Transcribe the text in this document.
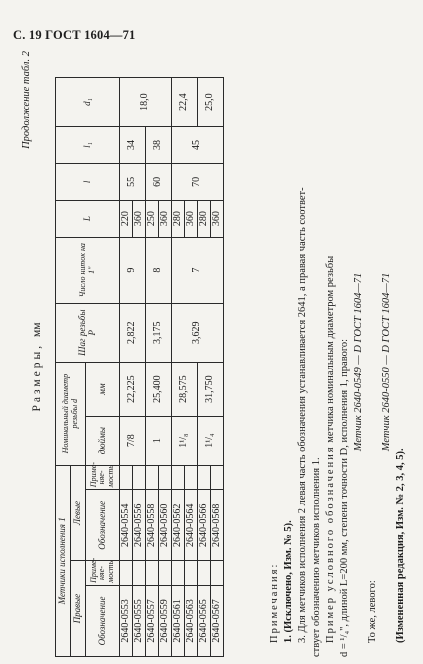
С. 19 ГОСТ 1604—71
Продолжение табл. 2
Размеры, мм
Метчики исполнения 1				Номинальный диаметр резьбы d		Шаг резьбы P	Число ниток на 1"	L	l	l₁	d₁
Правые		Левые									
Обозначение	Приме-няе-мость	Обозначение	Приме-няе-мость	дюймы	мм						
2640-0553		2640-0554		7/8	22,225	2,822	9	220	55	34	18,0
2640-0555		2640-0556						360			
2640-0557		2640-0558		1	25,400	3,175	8	250	60	38	
2640-0559		2640-0560						360			
2640-0561		2640-0562		1¹/₈	28,575	3,629	7	280	70	45	22,4
2640-0563		2640-0564						360			
2640-0565		2640-0566		1¹/₄	31,750			280			25,0
2640-0567		2640-0568						360			

Примечания: 1. (Исключено, Изм. № 5). 3. Для метчиков исполнения 2 левая часть обозначения устанавливается 2641, а правая часть соответ- ствует обозначению метчиков исполнения 1. Пример условного обозначения метчика номинальным диаметром резьбы d = ¹/₄", длиной L=200 мм, степени точности D, исполнения 1, правого: Метчик 2640-0549 — D ГОСТ 1604—71

То же, левого:

Метчик 2640-0550 — D ГОСТ 1604—71

(Измененная редакция, Изм. № 2, 3, 4, 5).
